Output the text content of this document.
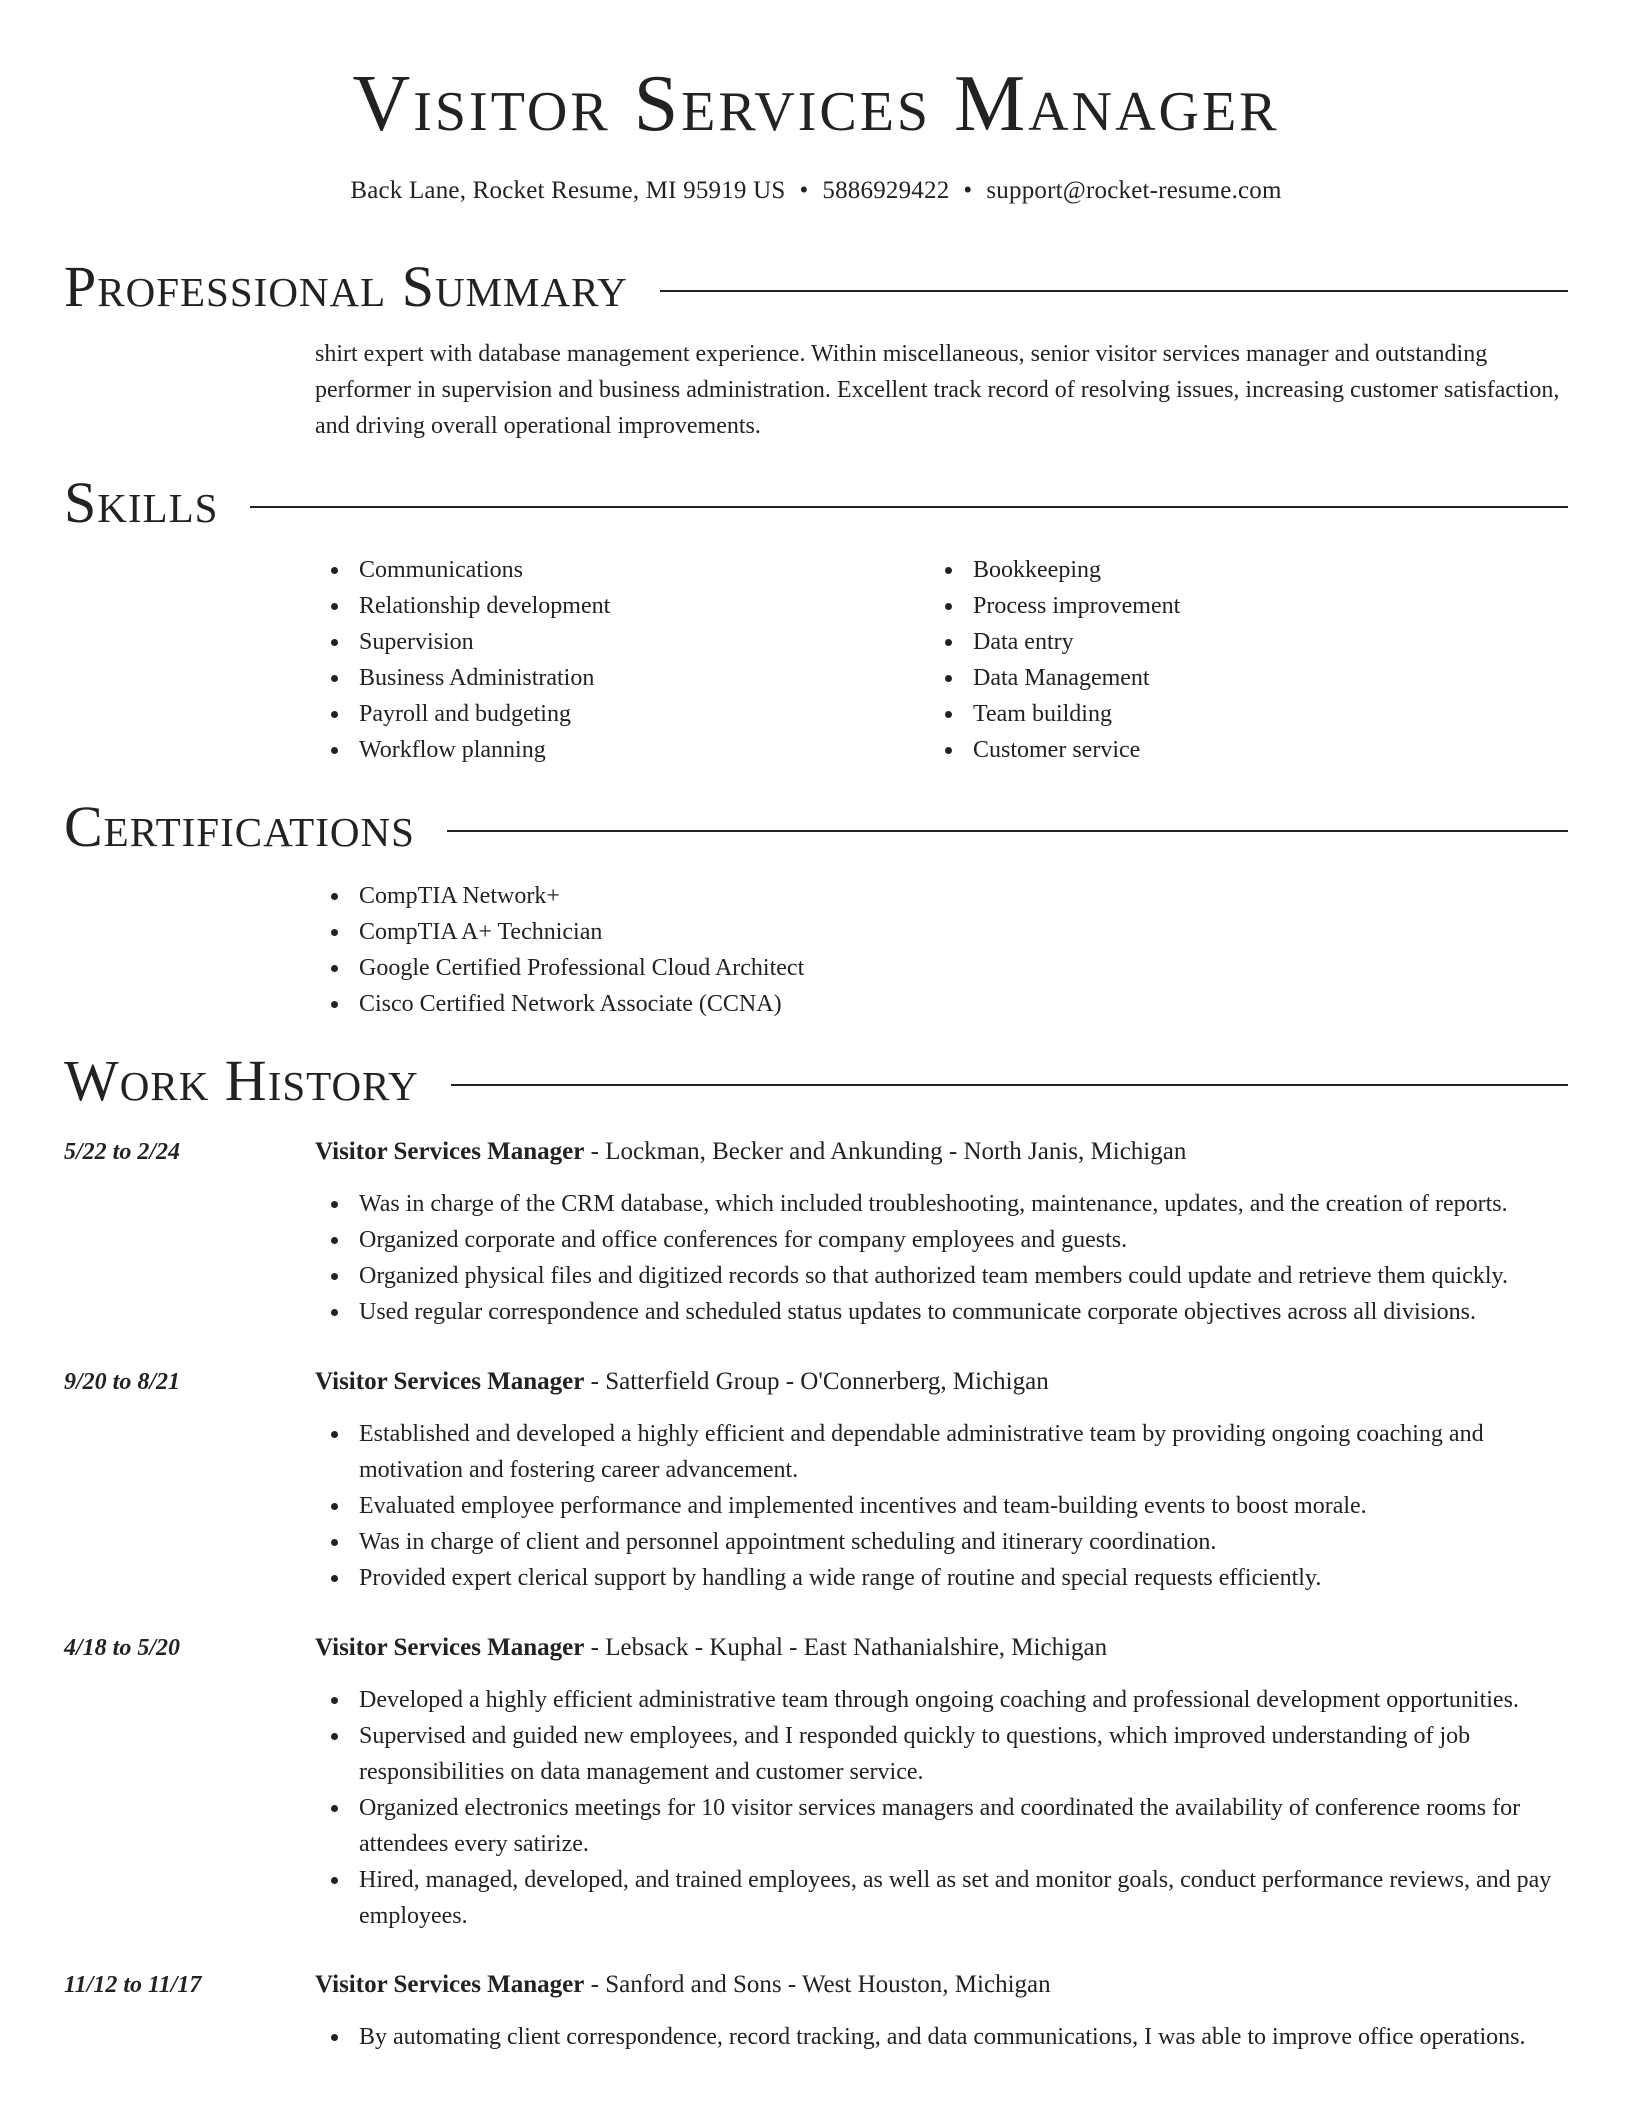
Visitor Services Manager
Back Lane, Rocket Resume, MI 95919 US • 5886929422 • support@rocket-resume.com
Professional Summary

shirt expert with database management experience. Within miscellaneous, senior visitor services manager and outstanding performer in supervision and business administration. Excellent track record of resolving issues, increasing customer satisfaction, and driving overall operational improvements.

Skills
Communications
Relationship development
Supervision
Business Administration
Payroll and budgeting
Workflow planning
Bookkeeping
Process improvement
Data entry
Data Management
Team building
Customer service
Certifications
CompTIA Network+
CompTIA A+ Technician
Google Certified Professional Cloud Architect
Cisco Certified Network Associate (CCNA)
Work History
5/22 to 2/24	Visitor Services Manager - Lockman, Becker and Ankunding - North Janis, Michigan
Was in charge of the CRM database, which included troubleshooting, maintenance, updates, and the creation of reports.
Organized corporate and office conferences for company employees and guests.
Organized physical files and digitized records so that authorized team members could update and retrieve them quickly.
Used regular correspondence and scheduled status updates to communicate corporate objectives across all divisions.
9/20 to 8/21	Visitor Services Manager - Satterfield Group - O'Connerberg, Michigan
Established and developed a highly efficient and dependable administrative team by providing ongoing coaching and motivation and fostering career advancement.
Evaluated employee performance and implemented incentives and team-building events to boost morale.
Was in charge of client and personnel appointment scheduling and itinerary coordination.
Provided expert clerical support by handling a wide range of routine and special requests efficiently.
4/18 to 5/20	Visitor Services Manager - Lebsack - Kuphal - East Nathanialshire, Michigan
Developed a highly efficient administrative team through ongoing coaching and professional development opportunities.
Supervised and guided new employees, and I responded quickly to questions, which improved understanding of job responsibilities on data management and customer service.
Organized electronics meetings for 10 visitor services managers and coordinated the availability of conference rooms for attendees every satirize.
Hired, managed, developed, and trained employees, as well as set and monitor goals, conduct performance reviews, and pay employees.
11/12 to 11/17	Visitor Services Manager - Sanford and Sons - West Houston, Michigan
By automating client correspondence, record tracking, and data communications, I was able to improve office operations.
